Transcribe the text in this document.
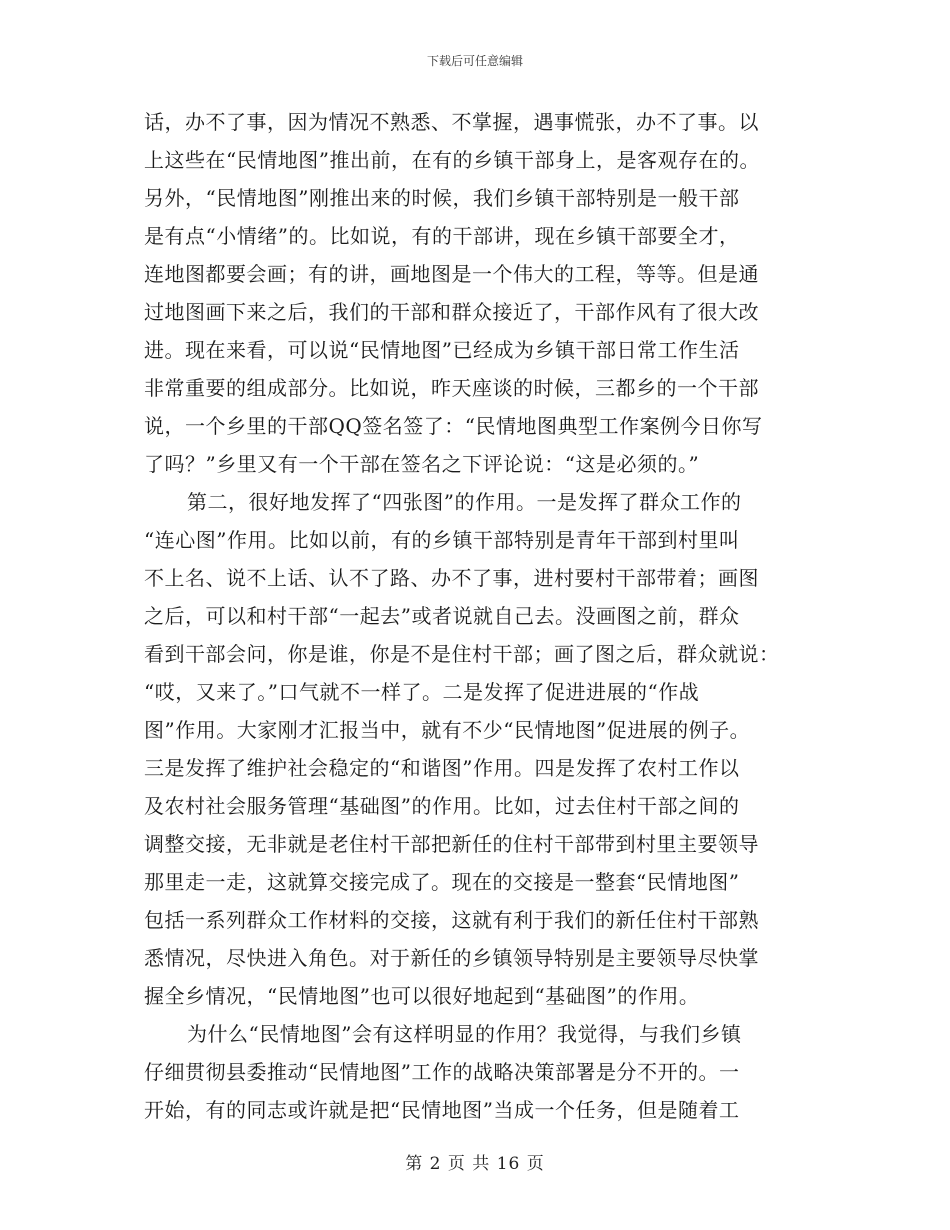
下载后可任意编辑
话，办不了事，因为情况不熟悉、不掌握，遇事慌张，办不了事。以
上这些在“民情地图”推出前，在有的乡镇干部身上，是客观存在的。
另外，“民情地图”刚推出来的时候，我们乡镇干部特别是一般干部
是有点“小情绪”的。比如说，有的干部讲，现在乡镇干部要全才，
连地图都要会画；有的讲，画地图是一个伟大的工程，等等。但是通
过地图画下来之后，我们的干部和群众接近了，干部作风有了很大改
进。现在来看，可以说“民情地图”已经成为乡镇干部日常工作生活
非常重要的组成部分。比如说，昨天座谈的时候，三都乡的一个干部
说，一个乡里的干部QQ签名签了：“民情地图典型工作案例今日你写
了吗？”乡里又有一个干部在签名之下评论说：“这是必须的。”
第二，很好地发挥了“四张图”的作用。一是发挥了群众工作的
“连心图”作用。比如以前，有的乡镇干部特别是青年干部到村里叫
不上名、说不上话、认不了路、办不了事，进村要村干部带着；画图
之后，可以和村干部“一起去”或者说就自己去。没画图之前，群众
看到干部会问，你是谁，你是不是住村干部；画了图之后，群众就说：
“哎，又来了。”口气就不一样了。二是发挥了促进进展的“作战
图”作用。大家刚才汇报当中，就有不少“民情地图”促进展的例子。
三是发挥了维护社会稳定的“和谐图”作用。四是发挥了农村工作以
及农村社会服务管理“基础图”的作用。比如，过去住村干部之间的
调整交接，无非就是老住村干部把新任的住村干部带到村里主要领导
那里走一走，这就算交接完成了。现在的交接是一整套“民情地图”
包括一系列群众工作材料的交接，这就有利于我们的新任住村干部熟
悉情况，尽快进入角色。对于新任的乡镇领导特别是主要领导尽快掌
握全乡情况，“民情地图”也可以很好地起到“基础图”的作用。
为什么“民情地图”会有这样明显的作用？我觉得，与我们乡镇
仔细贯彻县委推动“民情地图”工作的战略决策部署是分不开的。一
开始，有的同志或许就是把“民情地图”当成一个任务，但是随着工
第 2 页 共 16 页
